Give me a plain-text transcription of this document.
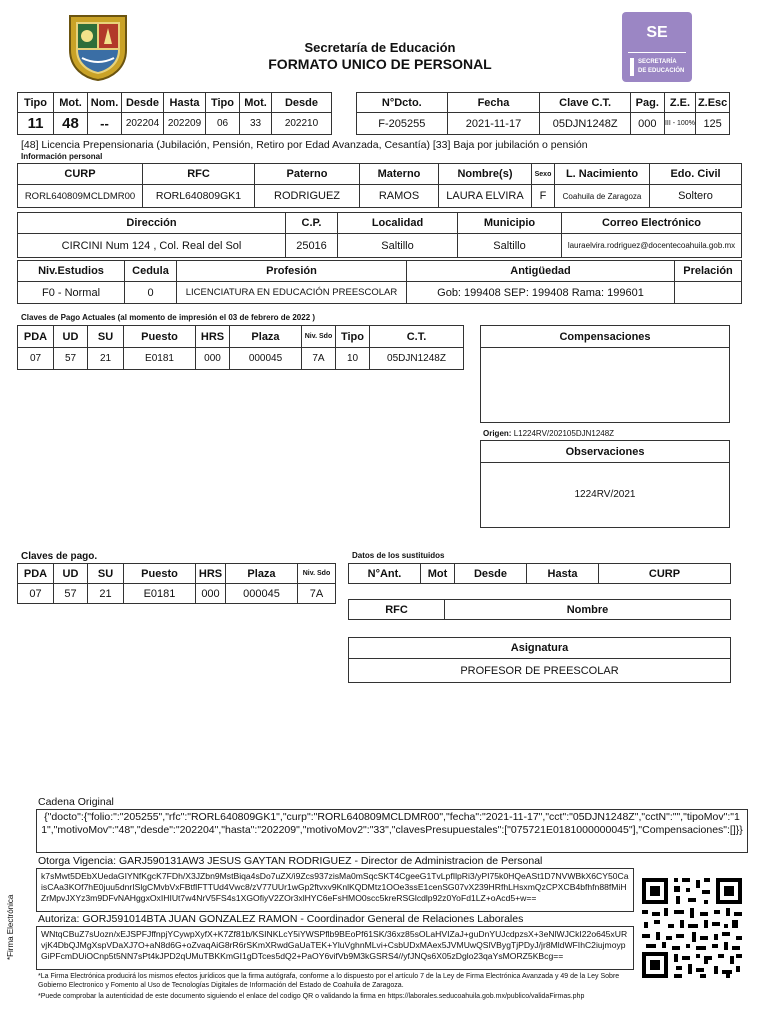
Secretaría de Educación
FORMATO UNICO DE PERSONAL
SE
SECRETARÍA
DE EDUCACIÓN
Tipo	Mot.	Nom.	Desde	Hasta	Tipo	Mot.	Desde
11	48	--	202204	202209	06	33	202210
N°Dcto.	Fecha	Clave C.T.	Pag.	Z.E.	Z.Esc
F-205255	2021-11-17	05DJN1248Z	000	III - 100%	125
[48] Licencia Prepensionaria (Jubilación, Pensión, Retiro por Edad Avanzada, Cesantía) [33] Baja por jubilación o pensión
Información personal
CURP	RFC	Paterno	Materno	Nombre(s)	Sexo	L. Nacimiento	Edo. Civil
RORL640809MCLDMR00	RORL640809GK1	RODRIGUEZ	RAMOS	LAURA ELVIRA	F	Coahuila de Zaragoza	Soltero
Dirección	C.P.	Localidad	Municipio	Correo Electrónico
CIRCINI Num 124 , Col. Real del Sol	25016	Saltillo	Saltillo	lauraelvira.rodriguez@docentecoahuila.gob.mx
Niv.Estudios	Cedula	Profesión	Antigüedad	Prelación
F0 - Normal	0	LICENCIATURA EN EDUCACIÓN PREESCOLAR	Gob: 199408 SEP: 199408 Rama: 199601	
Claves de Pago Actuales (al momento de impresión el 03 de febrero de 2022 )
PDA	UD	SU	Puesto	HRS	Plaza	Niv. Sdo	Tipo	C.T.
07	57	21	E0181	000	000045	7A	10	05DJN1248Z
Compensaciones
Origen: L1224RV/202105DJN1248Z
Observaciones
1224RV/2021
Claves de pago.
PDA	UD	SU	Puesto	HRS	Plaza	Niv. Sdo
07	57	21	E0181	000	000045	7A
Datos de los sustituidos
N°Ant.	Mot	Desde	Hasta	CURP
RFC	Nombre
Asignatura
PROFESOR DE PREESCOLAR
Cadena Original
{"docto":{"folio:":"205255","rfc":"RORL640809GK1","curp":"RORL640809MCLDMR00","fecha":"2021-11-17","cct":"05DJN1248Z","cctN":"","tipoMov":"11","motivoMov":"48","desde":"202204","hasta":"202209","motivoMov2":"33","clavesPresupuestales":["075721E0181000000045"],"Compensaciones":[]}}
*Firma Electrónica
Otorga Vigencia: GARJ590131AW3 JESUS GAYTAN RODRIGUEZ - Director de Administracion de Personal
k7sMwt5DEbXUedaGIYNfKgcK7FDh/X3JZbn9MstBiqa4sDo7uZX/i9Zcs937zisMa0mSqcSKT4CgeeG1TvLpfIlpRi3/yPI75k0HQeASt1D7NVWBkX6CY50CaisCAa3KOf7hE0juu5dnrISlgCMvbVxFBtflFTTUd4Vwc8/zV77UUr1wGp2ftvxv9KnlKQDMtz1OOe3ssE1cenSG07vX239HRfhLHsxmQzCPXCB4bfhfn88fMiHZrMpvJXYz3m9DFvNAHggxOxIHIUt7w4NrV5FS4s1XGOfiyV2ZOr3xlHYC6eFsHMO0scc5kreRSGlcdlp92z0YoFd1LZ+oAcd5+w==
Autoriza: GORJ591014BTA JUAN GONZALEZ RAMON - Coordinador General de Relaciones Laborales
WNtqCBuZ7sUozn/xEJSPFJffnpjYCywpXyfX+K7Zf81b/KSINKLcY5iYWSPflb9BEoPf61SK/36xz85sOLaHVIZaJ+guDnYUJcdpzsX+3eNlWJCkI22o645xURvjK4DbQJMgXspVDaXJ7O+aN8d6G+oZvaqAiG8rR6rSKmXRwdGaUaTEK+YluVghnMLvi+CsbUDxMAex5JVMUwQSlVBygTjPDyJ/jr8MldWFIhC2iujmoypGiPFcmDUiOCnp5t5NN7sPt4kJPD2qUMuTBKKmGI1gDTces5dQ2+PaOY6vifVb9M3kGSRS4//yfJNQs6X05zDglo23qaYsMORZ5KBcg==
*La Firma Electrónica producirá los mismos efectos jurídicos que la firma autógrafa, conforme a lo dispuesto por el artículo 7 de la Ley de Firma Electrónica Avanzada y 49 de la Ley Sobre Gobierno Electronico y Fomento al Uso de Tecnologías Digitales de Información del Estado de Coahuila de Zaragoza.
*Puede comprobar la autenticidad de este documento siguiendo el enlace del codigo QR o validando la firma en https://laborales.seducoahuila.gob.mx/publico/validaFirmas.php
